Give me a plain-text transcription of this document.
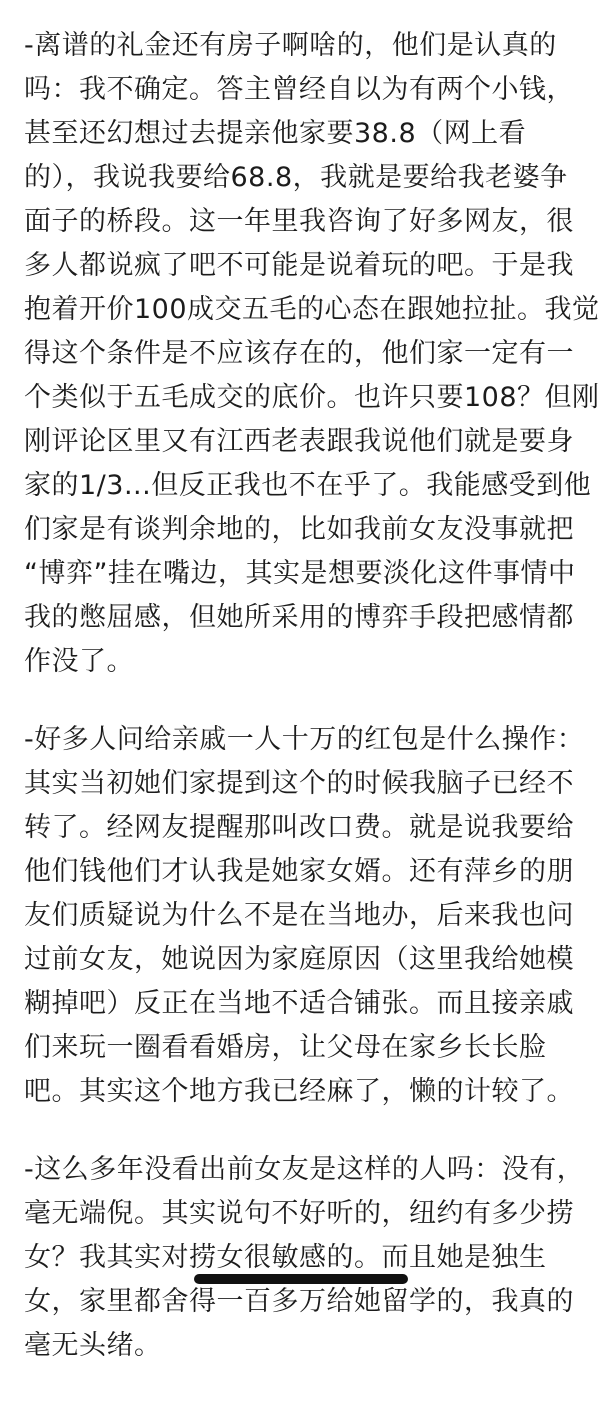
-离谱的礼金还有房子啊啥的，他们是认真的
吗：我不确定。答主曾经自以为有两个小钱，
甚至还幻想过去提亲他家要38.8（网上看
的），我说我要给68.8，我就是要给我老婆争
面子的桥段。这一年里我咨询了好多网友，很
多人都说疯了吧不可能是说着玩的吧。于是我
抱着开价100成交五毛的心态在跟她拉扯。我觉
得这个条件是不应该存在的，他们家一定有一
个类似于五毛成交的底价。也许只要108？但刚
刚评论区里又有江西老表跟我说他们就是要身
家的1/3...但反正我也不在乎了。我能感受到他
们家是有谈判余地的，比如我前女友没事就把
“博弈”挂在嘴边，其实是想要淡化这件事情中
我的憋屈感，但她所采用的博弈手段把感情都
作没了。
-好多人问给亲戚一人十万的红包是什么操作：
其实当初她们家提到这个的时候我脑子已经不
转了。经网友提醒那叫改口费。就是说我要给
他们钱他们才认我是她家女婿。还有萍乡的朋
友们质疑说为什么不是在当地办，后来我也问
过前女友，她说因为家庭原因（这里我给她模
糊掉吧）反正在当地不适合铺张。而且接亲戚
们来玩一圈看看婚房，让父母在家乡长长脸
吧。其实这个地方我已经麻了，懒的计较了。
-这么多年没看出前女友是这样的人吗：没有，
毫无端倪。其实说句不好听的，纽约有多少捞
女？我其实对捞女很敏感的。而且她是独生
女，家里都舍得一百多万给她留学的，我真的
毫无头绪。
